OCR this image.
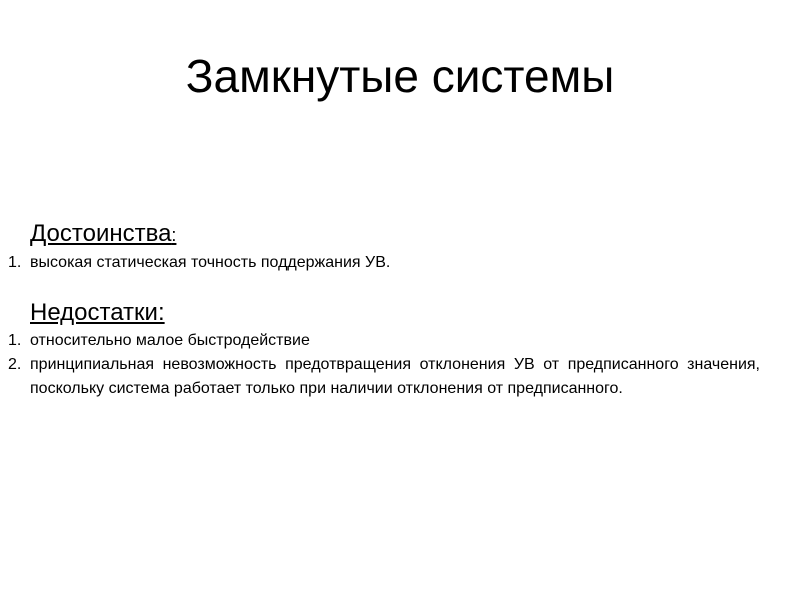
Замкнутые системы
Достоинства:
1. высокая статическая точность поддержания УВ.
Недостатки:
1. относительно малое быстродействие
2. принципиальная невозможность предотвращения отклонения УВ от предписанного значения, поскольку система работает только при наличии отклонения от предписанного.
